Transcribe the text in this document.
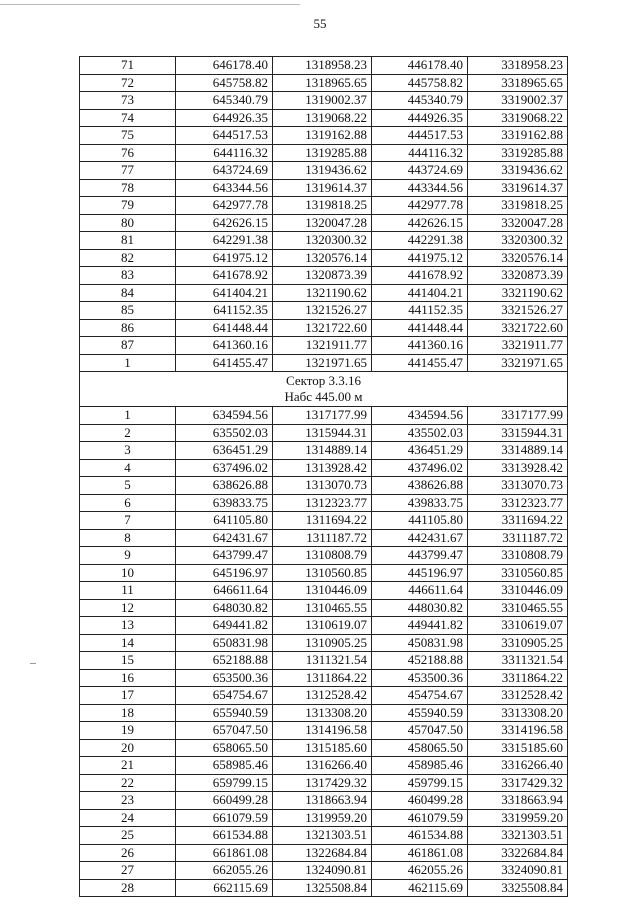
55
71	646178.40	1318958.23	446178.40	3318958.23
72	645758.82	1318965.65	445758.82	3318965.65
73	645340.79	1319002.37	445340.79	3319002.37
74	644926.35	1319068.22	444926.35	3319068.22
75	644517.53	1319162.88	444517.53	3319162.88
76	644116.32	1319285.88	444116.32	3319285.88
77	643724.69	1319436.62	443724.69	3319436.62
78	643344.56	1319614.37	443344.56	3319614.37
79	642977.78	1319818.25	442977.78	3319818.25
80	642626.15	1320047.28	442626.15	3320047.28
81	642291.38	1320300.32	442291.38	3320300.32
82	641975.12	1320576.14	441975.12	3320576.14
83	641678.92	1320873.39	441678.92	3320873.39
84	641404.21	1321190.62	441404.21	3321190.62
85	641152.35	1321526.27	441152.35	3321526.27
86	641448.44	1321722.60	441448.44	3321722.60
87	641360.16	1321911.77	441360.16	3321911.77
1	641455.47	1321971.65	441455.47	3321971.65

Сектор 3.3.16
Набс 445.00 м				

1	634594.56	1317177.99	434594.56	3317177.99
2	635502.03	1315944.31	435502.03	3315944.31
3	636451.29	1314889.14	436451.29	3314889.14
4	637496.02	1313928.42	437496.02	3313928.42
5	638626.88	1313070.73	438626.88	3313070.73
6	639833.75	1312323.77	439833.75	3312323.77
7	641105.80	1311694.22	441105.80	3311694.22
8	642431.67	1311187.72	442431.67	3311187.72
9	643799.47	1310808.79	443799.47	3310808.79
10	645196.97	1310560.85	445196.97	3310560.85
11	646611.64	1310446.09	446611.64	3310446.09
12	648030.82	1310465.55	448030.82	3310465.55
13	649441.82	1310619.07	449441.82	3310619.07
14	650831.98	1310905.25	450831.98	3310905.25
15	652188.88	1311321.54	452188.88	3311321.54
16	653500.36	1311864.22	453500.36	3311864.22
17	654754.67	1312528.42	454754.67	3312528.42
18	655940.59	1313308.20	455940.59	3313308.20
19	657047.50	1314196.58	457047.50	3314196.58
20	658065.50	1315185.60	458065.50	3315185.60
21	658985.46	1316266.40	458985.46	3316266.40
22	659799.15	1317429.32	459799.15	3317429.32
23	660499.28	1318663.94	460499.28	3318663.94
24	661079.59	1319959.20	461079.59	3319959.20
25	661534.88	1321303.51	461534.88	3321303.51
26	661861.08	1322684.84	461861.08	3322684.84
27	662055.26	1324090.81	462055.26	3324090.81
28	662115.69	1325508.84	462115.69	3325508.84
